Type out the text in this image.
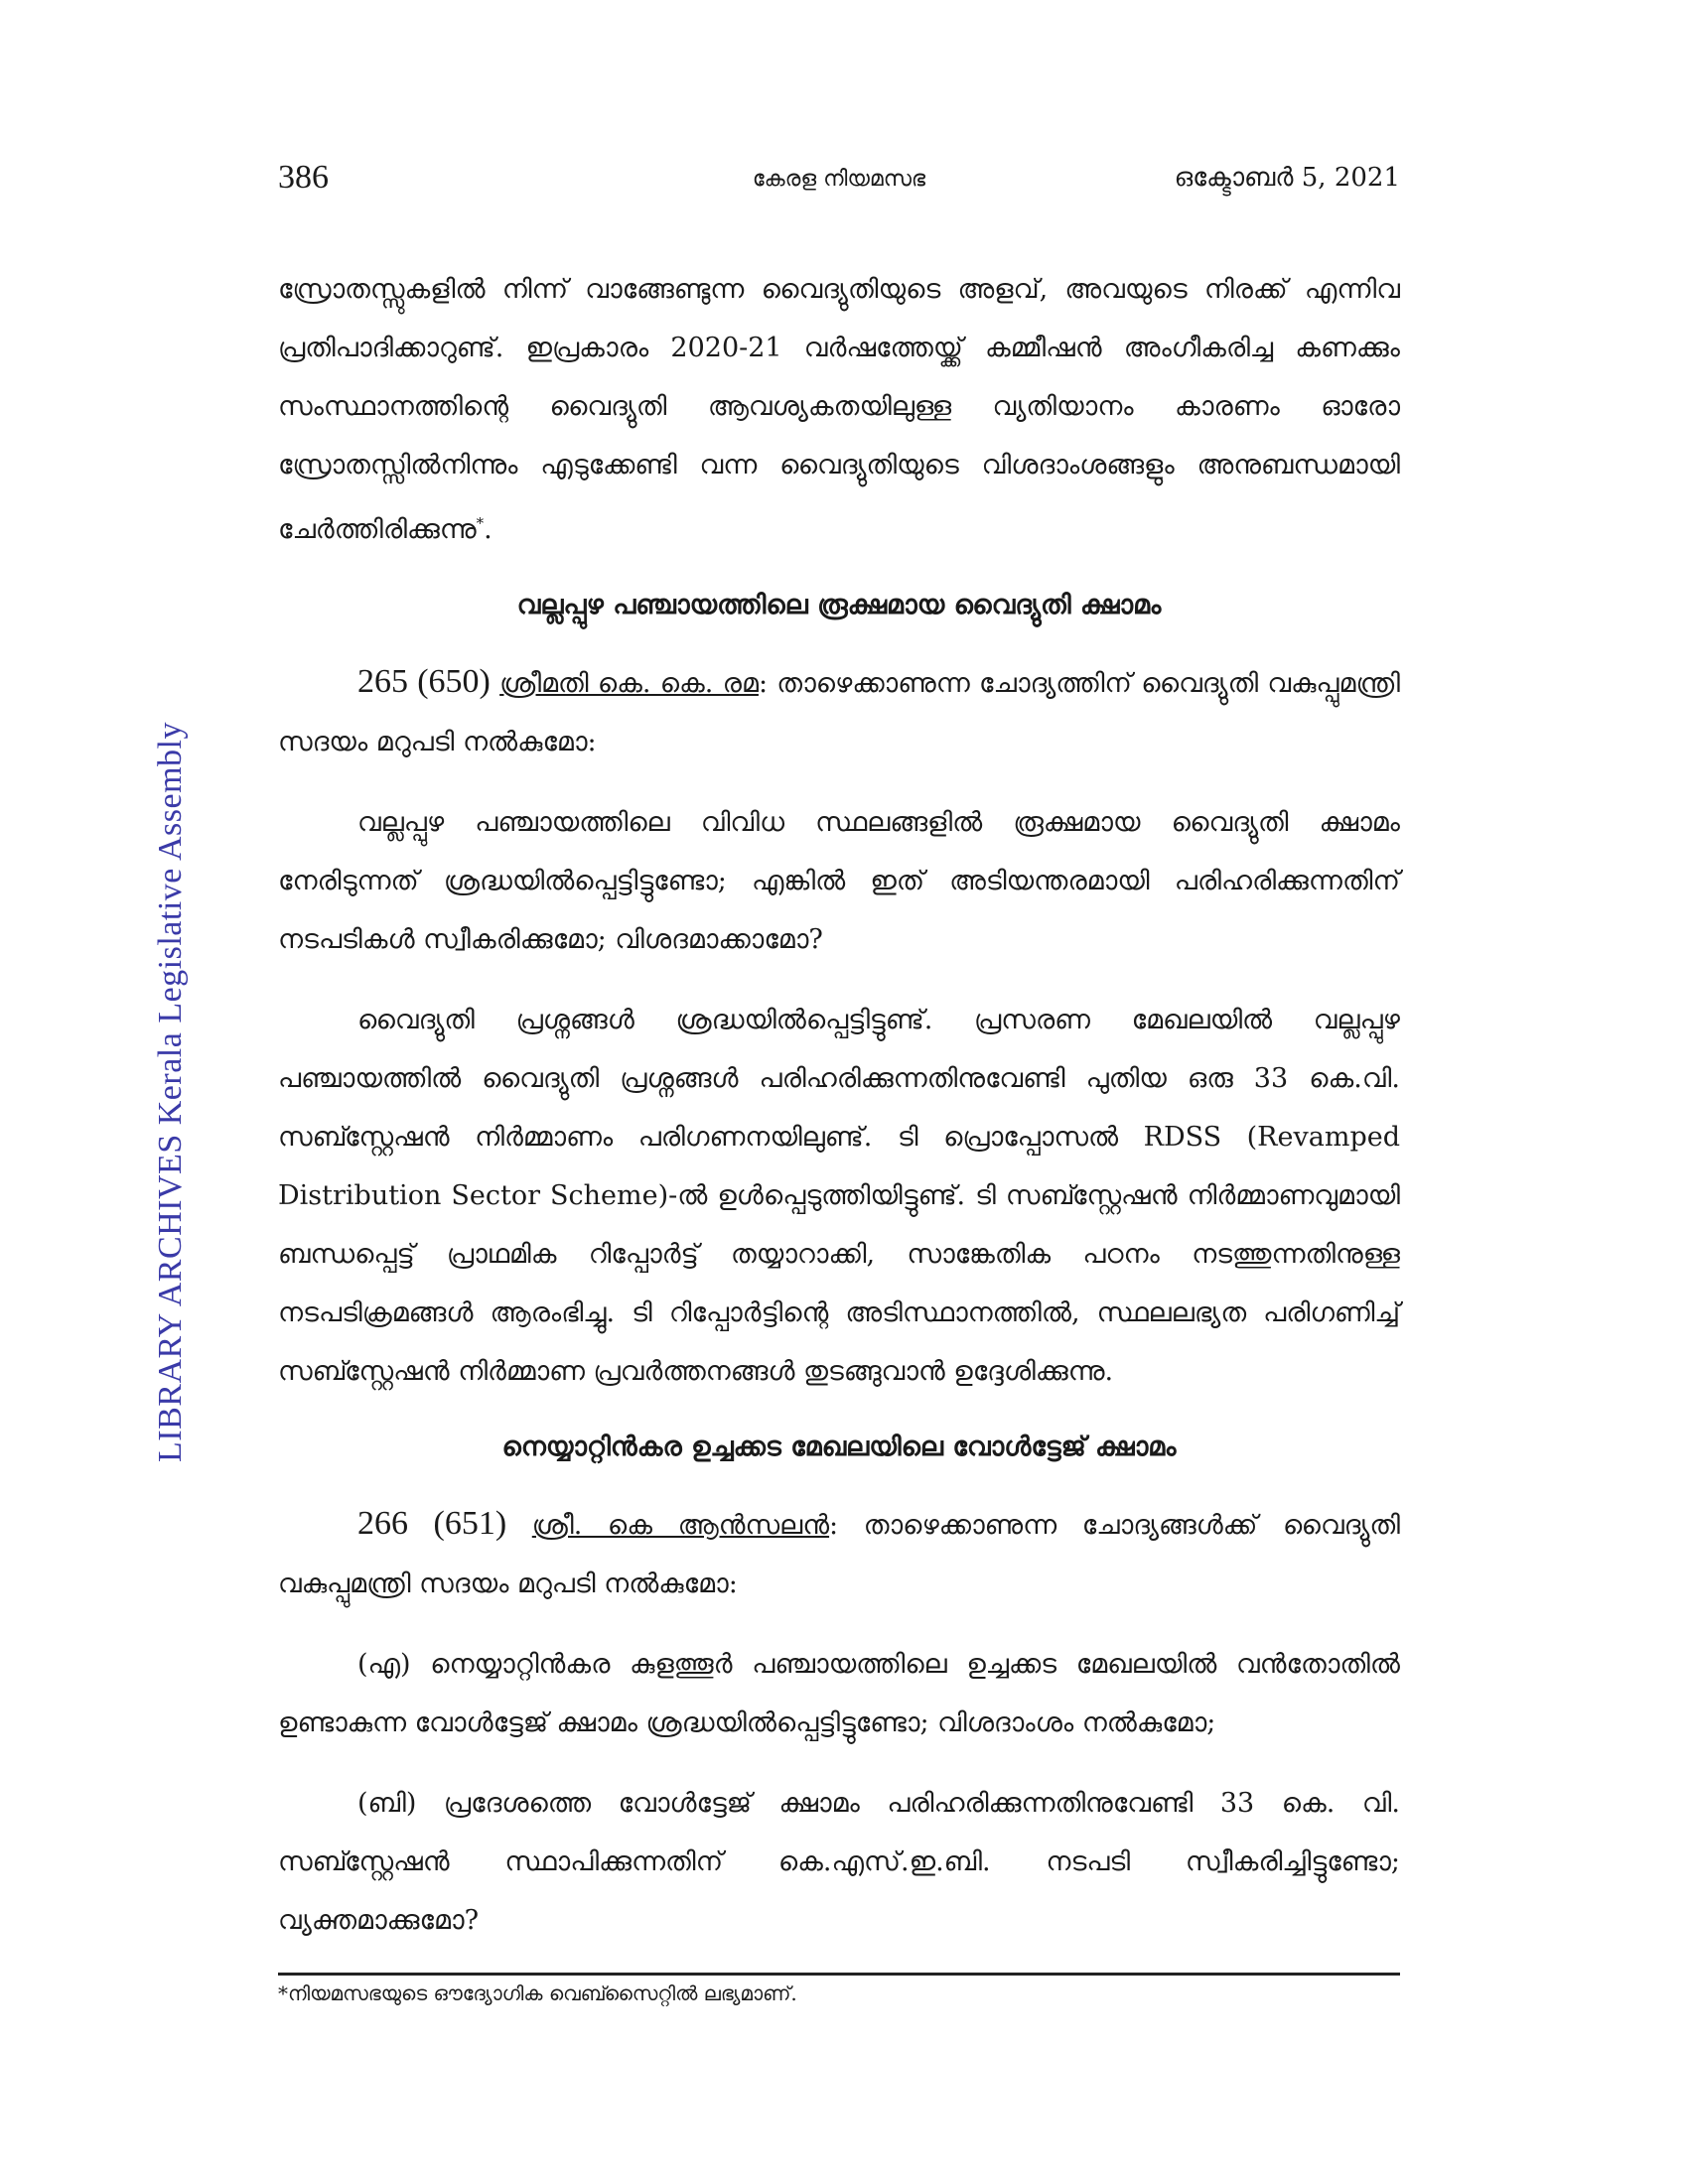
LIBRARY ARCHIVES Kerala Legislative Assembly
386	കേരള നിയമസഭ	ഒക്ടോബർ 5, 2021

സ്രോതസ്സുകളിൽ നിന്ന് വാങ്ങേണ്ടുന്ന വൈദ്യുതിയുടെ അളവ്, അവയുടെ നിരക്ക് എന്നിവ പ്രതിപാദിക്കാറുണ്ട്. ഇപ്രകാരം 2020-21 വർഷത്തേയ്ക്ക് കമ്മീഷൻ അംഗീകരിച്ച കണക്കും സംസ്ഥാനത്തിന്റെ വൈദ്യുതി ആവശ്യകതയിലുള്ള വ്യതിയാനം കാരണം ഓരോ സ്രോതസ്സിൽനിന്നും എടുക്കേണ്ടി വന്ന വൈദ്യുതിയുടെ വിശദാംശങ്ങളും അനുബന്ധമായി ചേർത്തിരിക്കുന്നു*.

വല്ലപ്പുഴ പഞ്ചായത്തിലെ രൂക്ഷമായ വൈദ്യുതി ക്ഷാമം

265 (650) ശ്രീമതി കെ. കെ. രമ: താഴെക്കാണുന്ന ചോദ്യത്തിന് വൈദ്യുതി വകുപ്പുമന്ത്രി സദയം മറുപടി നൽകുമോ:

വല്ലപ്പുഴ പഞ്ചായത്തിലെ വിവിധ സ്ഥലങ്ങളിൽ രൂക്ഷമായ വൈദ്യുതി ക്ഷാമം നേരിടുന്നത് ശ്രദ്ധയിൽപ്പെട്ടിട്ടുണ്ടോ; എങ്കിൽ ഇത് അടിയന്തരമായി പരിഹരിക്കുന്നതിന് നടപടികൾ സ്വീകരിക്കുമോ; വിശദമാക്കാമോ?

വൈദ്യുതി പ്രശ്നങ്ങൾ ശ്രദ്ധയിൽപ്പെട്ടിട്ടുണ്ട്. പ്രസരണ മേഖലയിൽ വല്ലപ്പുഴ പഞ്ചായത്തിൽ വൈദ്യുതി പ്രശ്നങ്ങൾ പരിഹരിക്കുന്നതിനുവേണ്ടി പുതിയ ഒരു 33 കെ.വി. സബ്സ്റ്റേഷൻ നിർമ്മാണം പരിഗണനയിലുണ്ട്. ടി പ്രൊപ്പോസൽ RDSS (Revamped Distribution Sector Scheme)-ൽ ഉൾപ്പെടുത്തിയിട്ടുണ്ട്. ടി സബ്സ്റ്റേഷൻ നിർമ്മാണവുമായി ബന്ധപ്പെട്ട് പ്രാഥമിക റിപ്പോർട്ട് തയ്യാറാക്കി, സാങ്കേതിക പഠനം നടത്തുന്നതിനുള്ള നടപടിക്രമങ്ങൾ ആരംഭിച്ചു. ടി റിപ്പോർട്ടിന്റെ അടിസ്ഥാനത്തിൽ, സ്ഥലലഭ്യത പരിഗണിച്ച് സബ്സ്റ്റേഷൻ നിർമ്മാണ പ്രവർത്തനങ്ങൾ തുടങ്ങുവാൻ ഉദ്ദേശിക്കുന്നു.

നെയ്യാറ്റിൻകര ഉച്ചക്കട മേഖലയിലെ വോൾട്ടേജ് ക്ഷാമം

266 (651) ശ്രീ. കെ ആൻസലൻ: താഴെക്കാണുന്ന ചോദ്യങ്ങൾക്ക് വൈദ്യുതി വകുപ്പുമന്ത്രി സദയം മറുപടി നൽകുമോ:

(എ) നെയ്യാറ്റിൻകര കുളത്തൂർ പഞ്ചായത്തിലെ ഉച്ചക്കട മേഖലയിൽ വൻതോതിൽ ഉണ്ടാകുന്ന വോൾട്ടേജ് ക്ഷാമം ശ്രദ്ധയിൽപ്പെട്ടിട്ടുണ്ടോ; വിശദാംശം നൽകുമോ;

(ബി) പ്രദേശത്തെ വോൾട്ടേജ് ക്ഷാമം പരിഹരിക്കുന്നതിനുവേണ്ടി 33 കെ. വി. സബ്സ്റ്റേഷൻ സ്ഥാപിക്കുന്നതിന് കെ.എസ്.ഇ.ബി. നടപടി സ്വീകരിച്ചിട്ടുണ്ടോ; വ്യക്തമാക്കുമോ?

*നിയമസഭയുടെ ഔദ്യോഗിക വെബ്സൈറ്റിൽ ലഭ്യമാണ്.
